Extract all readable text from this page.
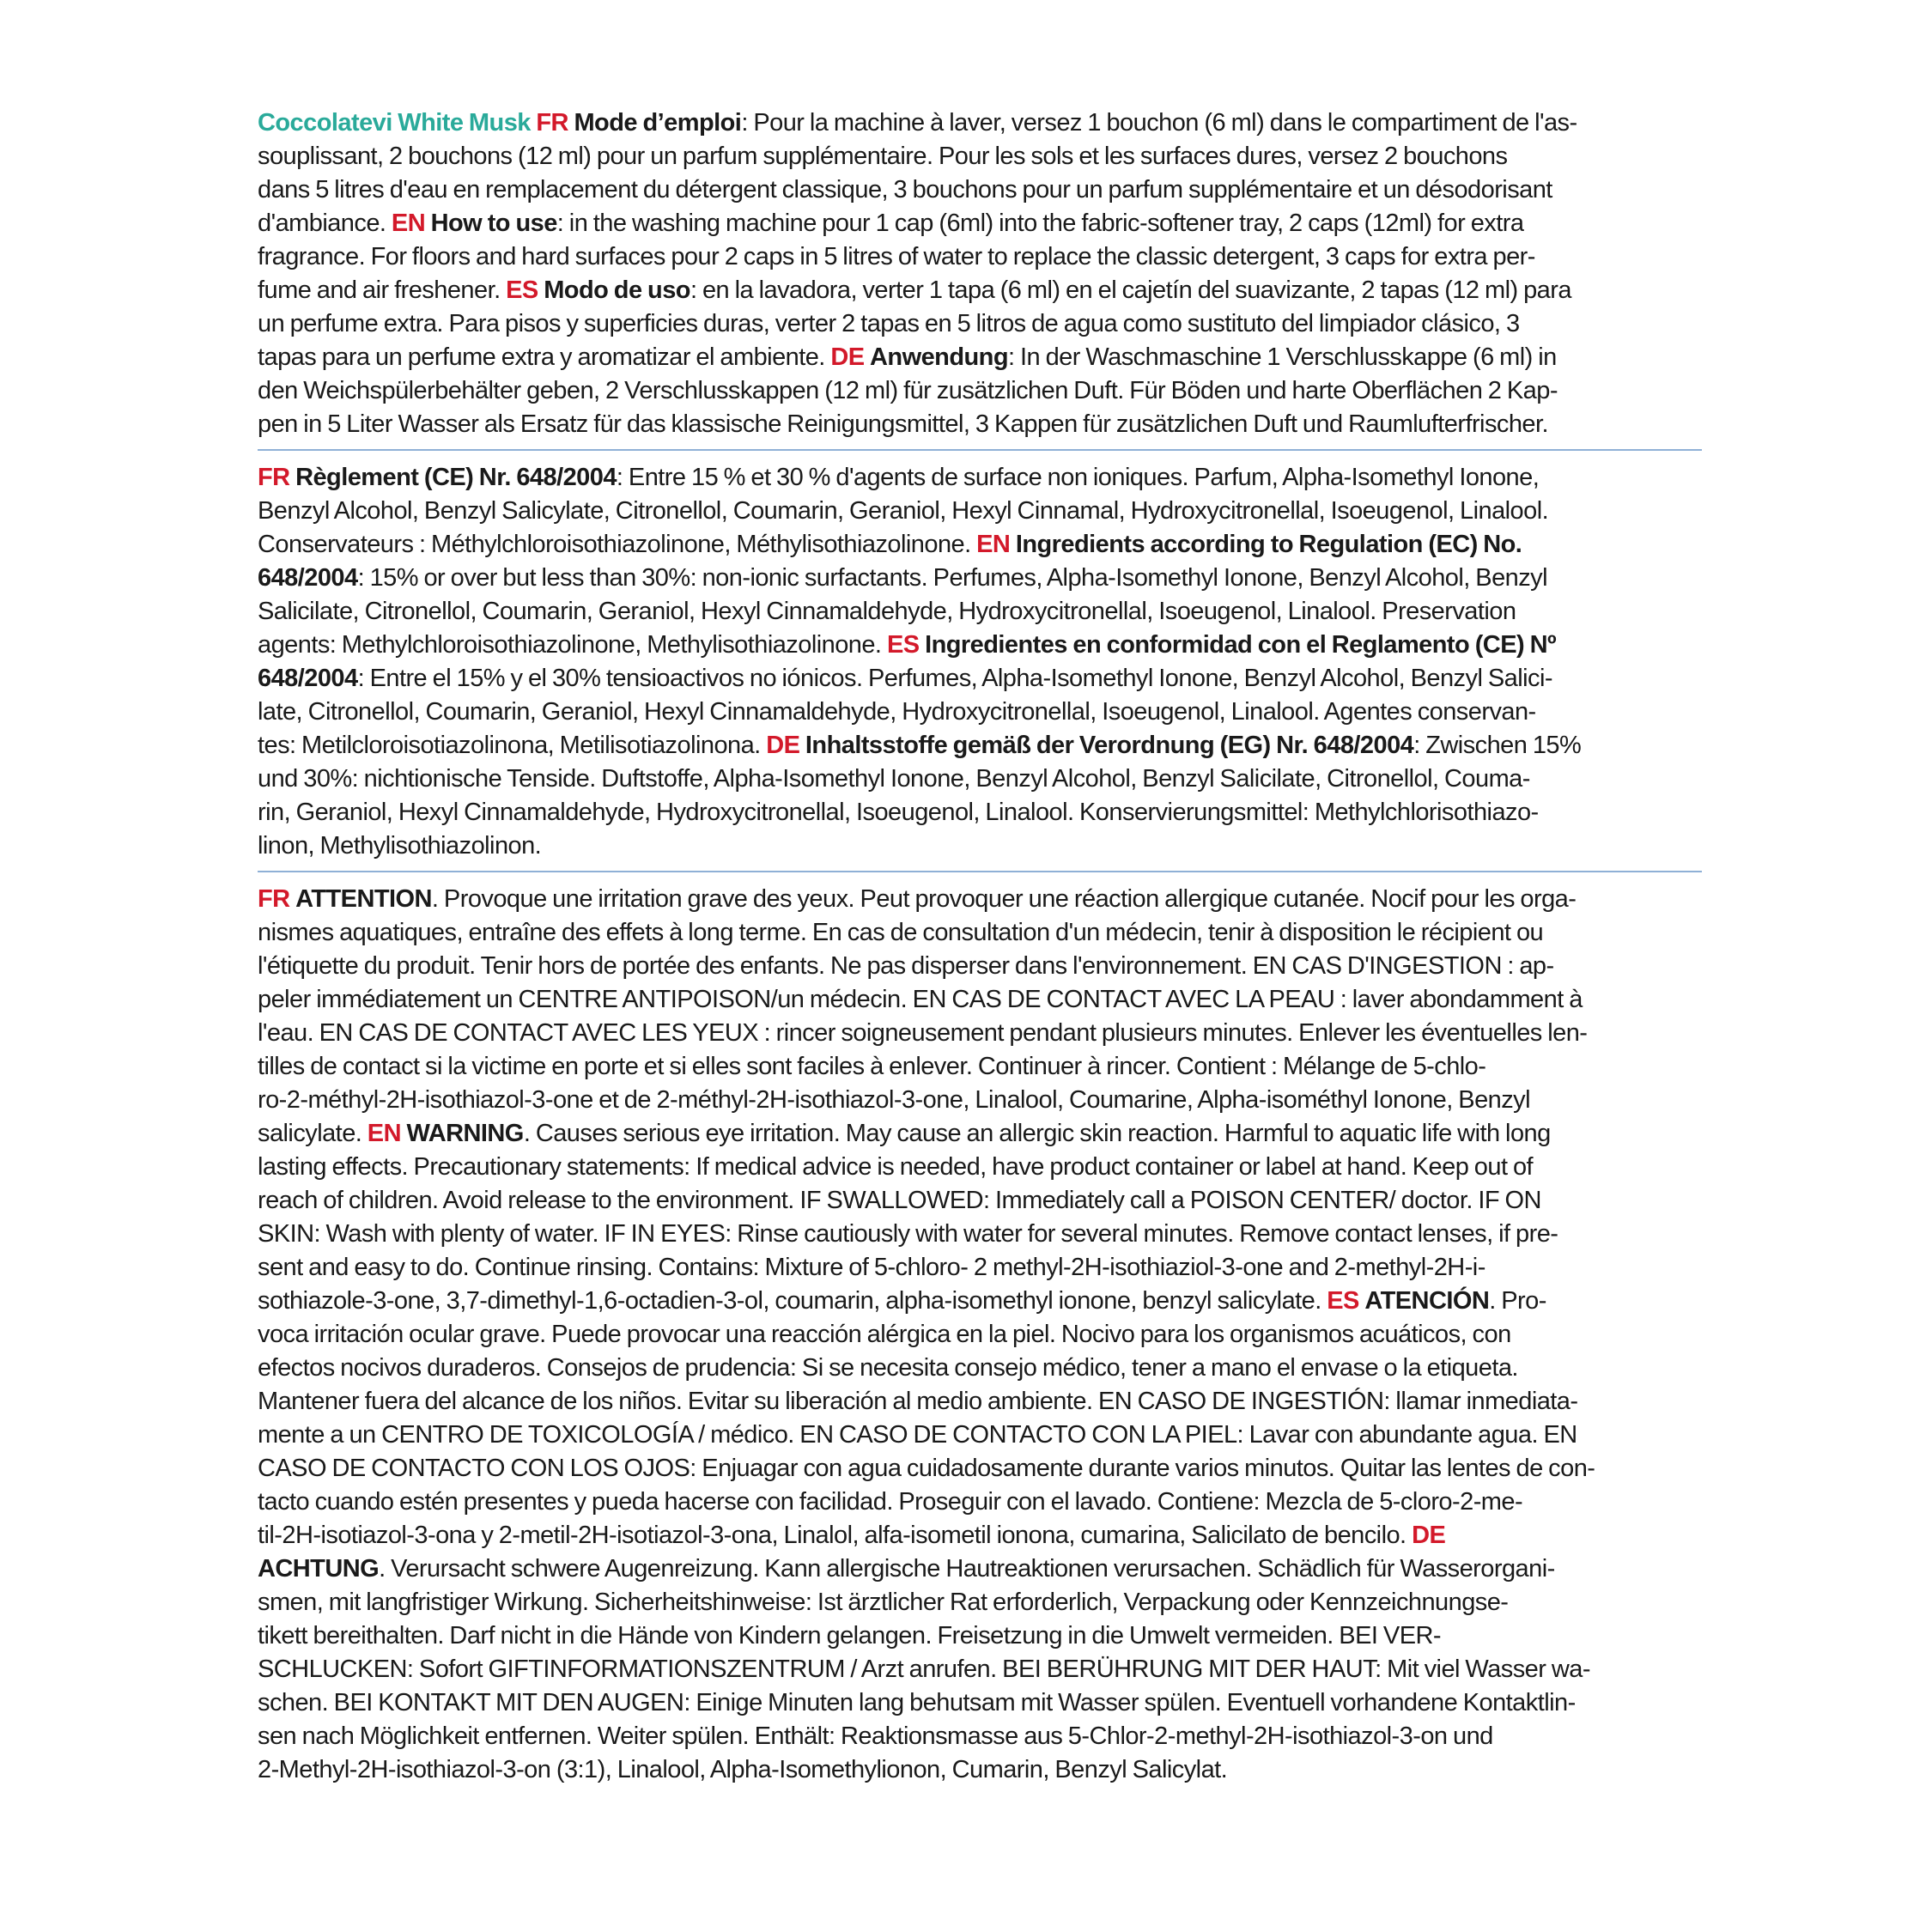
Coccolatevi White Musk FR Mode d’emploi: Pour la machine à laver, versez 1 bouchon (6 ml) dans le compartiment de l'as-
souplissant, 2 bouchons (12 ml) pour un parfum supplémentaire. Pour les sols et les surfaces dures, versez 2 bouchons
dans 5 litres d'eau en remplacement du détergent classique, 3 bouchons pour un parfum supplémentaire et un désodorisant
d'ambiance. EN How to use: in the washing machine pour 1 cap (6ml) into the fabric-softener tray, 2 caps (12ml) for extra
fragrance. For floors and hard surfaces pour 2 caps in 5 litres of water to replace the classic detergent, 3 caps for extra per-
fume and air freshener. ES Modo de uso: en la lavadora, verter 1 tapa (6 ml) en el cajetín del suavizante, 2 tapas (12 ml) para
un perfume extra. Para pisos y superficies duras, verter 2 tapas en 5 litros de agua como sustituto del limpiador clásico, 3
tapas para un perfume extra y aromatizar el ambiente. DE Anwendung: In der Waschmaschine 1 Verschlusskappe (6 ml) in
den Weichspülerbehälter geben, 2 Verschlusskappen (12 ml) für zusätzlichen Duft. Für Böden und harte Oberflächen 2 Kap-
pen in 5 Liter Wasser als Ersatz für das klassische Reinigungsmittel, 3 Kappen für zusätzlichen Duft und Raumlufterfrischer.
FR Règlement (CE) Nr. 648/2004: Entre 15 % et 30 % d'agents de surface non ioniques. Parfum, Alpha-Isomethyl Ionone,
Benzyl Alcohol, Benzyl Salicylate, Citronellol, Coumarin, Geraniol, Hexyl Cinnamal, Hydroxycitronellal, Isoeugenol, Linalool.
Conservateurs : Méthylchloroisothiazolinone, Méthylisothiazolinone. EN Ingredients according to Regulation (EC) No.
648/2004: 15% or over but less than 30%: non-ionic surfactants. Perfumes, Alpha-Isomethyl Ionone, Benzyl Alcohol, Benzyl
Salicilate, Citronellol, Coumarin, Geraniol, Hexyl Cinnamaldehyde, Hydroxycitronellal, Isoeugenol, Linalool. Preservation
agents: Methylchloroisothiazolinone, Methylisothiazolinone. ES Ingredientes en conformidad con el Reglamento (CE) Nº
648/2004: Entre el 15% y el 30% tensioactivos no iónicos. Perfumes, Alpha-Isomethyl Ionone, Benzyl Alcohol, Benzyl Salici-
late, Citronellol, Coumarin, Geraniol, Hexyl Cinnamaldehyde, Hydroxycitronellal, Isoeugenol, Linalool. Agentes conservan-
tes: Metilcloroisotiazolinona, Metilisotiazolinona. DE Inhaltsstoffe gemäß der Verordnung (EG) Nr. 648/2004: Zwischen 15%
und 30%: nichtionische Tenside. Duftstoffe, Alpha-Isomethyl Ionone, Benzyl Alcohol, Benzyl Salicilate, Citronellol, Couma-
rin, Geraniol, Hexyl Cinnamaldehyde, Hydroxycitronellal, Isoeugenol, Linalool. Konservierungsmittel: Methylchlorisothiazo-
linon, Methylisothiazolinon.
FR ATTENTION. Provoque une irritation grave des yeux. Peut provoquer une réaction allergique cutanée. Nocif pour les orga-
nismes aquatiques, entraîne des effets à long terme. En cas de consultation d'un médecin, tenir à disposition le récipient ou
l'étiquette du produit. Tenir hors de portée des enfants. Ne pas disperser dans l'environnement. EN CAS D'INGESTION : ap-
peler immédiatement un CENTRE ANTIPOISON/un médecin. EN CAS DE CONTACT AVEC LA PEAU : laver abondamment à
l'eau. EN CAS DE CONTACT AVEC LES YEUX : rincer soigneusement pendant plusieurs minutes. Enlever les éventuelles len-
tilles de contact si la victime en porte et si elles sont faciles à enlever. Continuer à rincer. Contient : Mélange de 5-chlo-
ro-2-méthyl-2H-isothiazol-3-one et de 2-méthyl-2H-isothiazol-3-one, Linalool, Coumarine, Alpha-isométhyl Ionone, Benzyl
salicylate. EN WARNING. Causes serious eye irritation. May cause an allergic skin reaction. Harmful to aquatic life with long
lasting effects. Precautionary statements: If medical advice is needed, have product container or label at hand. Keep out of
reach of children. Avoid release to the environment. IF SWALLOWED: Immediately call a POISON CENTER/ doctor. IF ON
SKIN: Wash with plenty of water. IF IN EYES: Rinse cautiously with water for several minutes. Remove contact lenses, if pre-
sent and easy to do. Continue rinsing. Contains: Mixture of 5-chloro- 2 methyl-2H-isothiaziol-3-one and 2-methyl-2H-i-
sothiazole-3-one, 3,7-dimethyl-1,6-octadien-3-ol, coumarin, alpha-isomethyl ionone, benzyl salicylate. ES ATENCIÓN. Pro-
voca irritación ocular grave. Puede provocar una reacción alérgica en la piel. Nocivo para los organismos acuáticos, con
efectos nocivos duraderos. Consejos de prudencia: Si se necesita consejo médico, tener a mano el envase o la etiqueta.
Mantener fuera del alcance de los niños. Evitar su liberación al medio ambiente. EN CASO DE INGESTIÓN: llamar inmediata-
mente a un CENTRO DE TOXICOLOGÍA / médico. EN CASO DE CONTACTO CON LA PIEL: Lavar con abundante agua. EN
CASO DE CONTACTO CON LOS OJOS: Enjuagar con agua cuidadosamente durante varios minutos. Quitar las lentes de con-
tacto cuando estén presentes y pueda hacerse con facilidad. Proseguir con el lavado. Contiene: Mezcla de 5-cloro-2-me-
til-2H-isotiazol-3-ona y 2-metil-2H-isotiazol-3-ona, Linalol, alfa-isometil ionona, cumarina, Salicilato de bencilo. DE
ACHTUNG. Verursacht schwere Augenreizung. Kann allergische Hautreaktionen verursachen. Schädlich für Wasserorgani-
smen, mit langfristiger Wirkung. Sicherheitshinweise: Ist ärztlicher Rat erforderlich, Verpackung oder Kennzeichnungse-
tikett bereithalten. Darf nicht in die Hände von Kindern gelangen. Freisetzung in die Umwelt vermeiden. BEI VER-
SCHLUCKEN: Sofort GIFTINFORMATIONSZENTRUM / Arzt anrufen. BEI BERÜHRUNG MIT DER HAUT: Mit viel Wasser wa-
schen. BEI KONTAKT MIT DEN AUGEN: Einige Minuten lang behutsam mit Wasser spülen. Eventuell vorhandene Kontaktlin-
sen nach Möglichkeit entfernen. Weiter spülen. Enthält: Reaktionsmasse aus 5-Chlor-2-methyl-2H-isothiazol-3-on und
2-Methyl-2H-isothiazol-3-on (3:1), Linalool, Alpha-Isomethylionon, Cumarin, Benzyl Salicylat.
